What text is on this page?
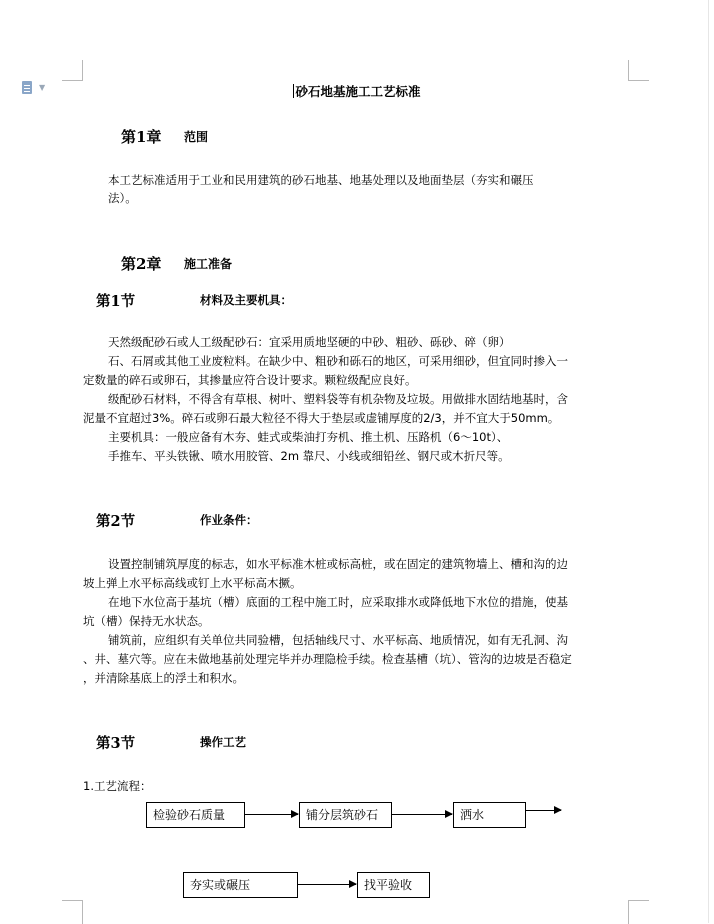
▼	砂石地基施工工艺标准
第1章 范围
本工艺标准适用于工业和民用建筑的砂石地基、地基处理以及地面垫层（夯实和碾压
法）。
第2章 施工准备
第1节	材料及主要机具：
天然级配砂石或人工级配砂石：宜采用质地坚硬的中砂、粗砂、砾砂、碎（卵）
石、石屑或其他工业废粒料。在缺少中、粗砂和砾石的地区，可采用细砂，但宜同时掺入一
定数量的碎石或卵石，其掺量应符合设计要求。颗粒级配应良好。
级配砂石材料，不得含有草根、树叶、塑料袋等有机杂物及垃圾。用做排水固结地基时，含
泥量不宜超过3%。碎石或卵石最大粒径不得大于垫层或虚铺厚度的2/3，并不宜大于50mm。
主要机具：一般应备有木夯、蛙式或柴油打夯机、推土机、压路机（6～10t）、
手推车、平头铁锹、喷水用胶管、2m 靠尺、小线或细铅丝、钢尺或木折尺等。
第2节	作业条件：
设置控制铺筑厚度的标志，如水平标准木桩或标高桩，或在固定的建筑物墙上、槽和沟的边
坡上弹上水平标高线或钉上水平标高木撅。
在地下水位高于基坑（槽）底面的工程中施工时，应采取排水或降低地下水位的措施，使基
坑（槽）保持无水状态。
铺筑前，应组织有关单位共同验槽，包括轴线尺寸、水平标高、地质情况，如有无孔洞、沟
、井、墓穴等。应在未做地基前处理完毕并办理隐检手续。检查基槽（坑）、管沟的边坡是否稳定
，并清除基底上的浮土和积水。
第3节	操作工艺
1.工艺流程：
检验砂石质量	铺分层筑砂石	洒水
夯实或碾压	找平验收
